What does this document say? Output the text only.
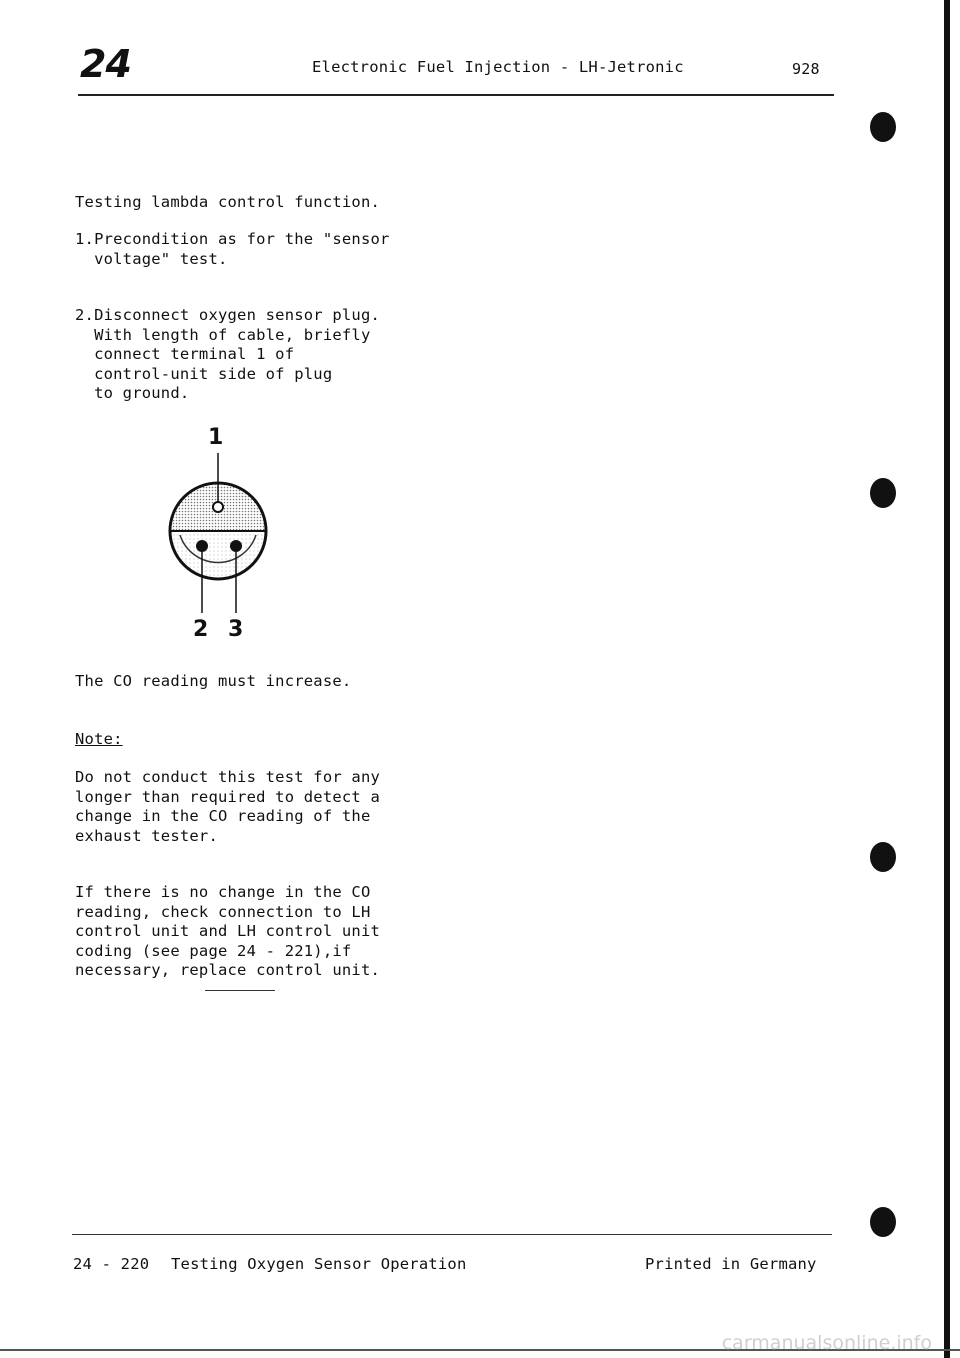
24	Electronic Fuel Injection - LH-Jetronic	928
Testing lambda control function.
1.Precondition as for the "sensor
voltage" test.
2.Disconnect oxygen sensor plug.
With length of cable, briefly
connect terminal 1 of
control-unit side of plug
to ground.
1
2 3
The CO reading must increase.
Note:
Do not conduct this test for any
longer than required to detect a
change in the CO reading of the
exhaust tester.
If there is no change in the CO
reading, check connection to LH
control unit and LH control unit
coding (see page 24 - 221),if
necessary, replace control unit.
24 - 220 Testing Oxygen Sensor Operation	Printed in Germany
carmanualsonline.info
